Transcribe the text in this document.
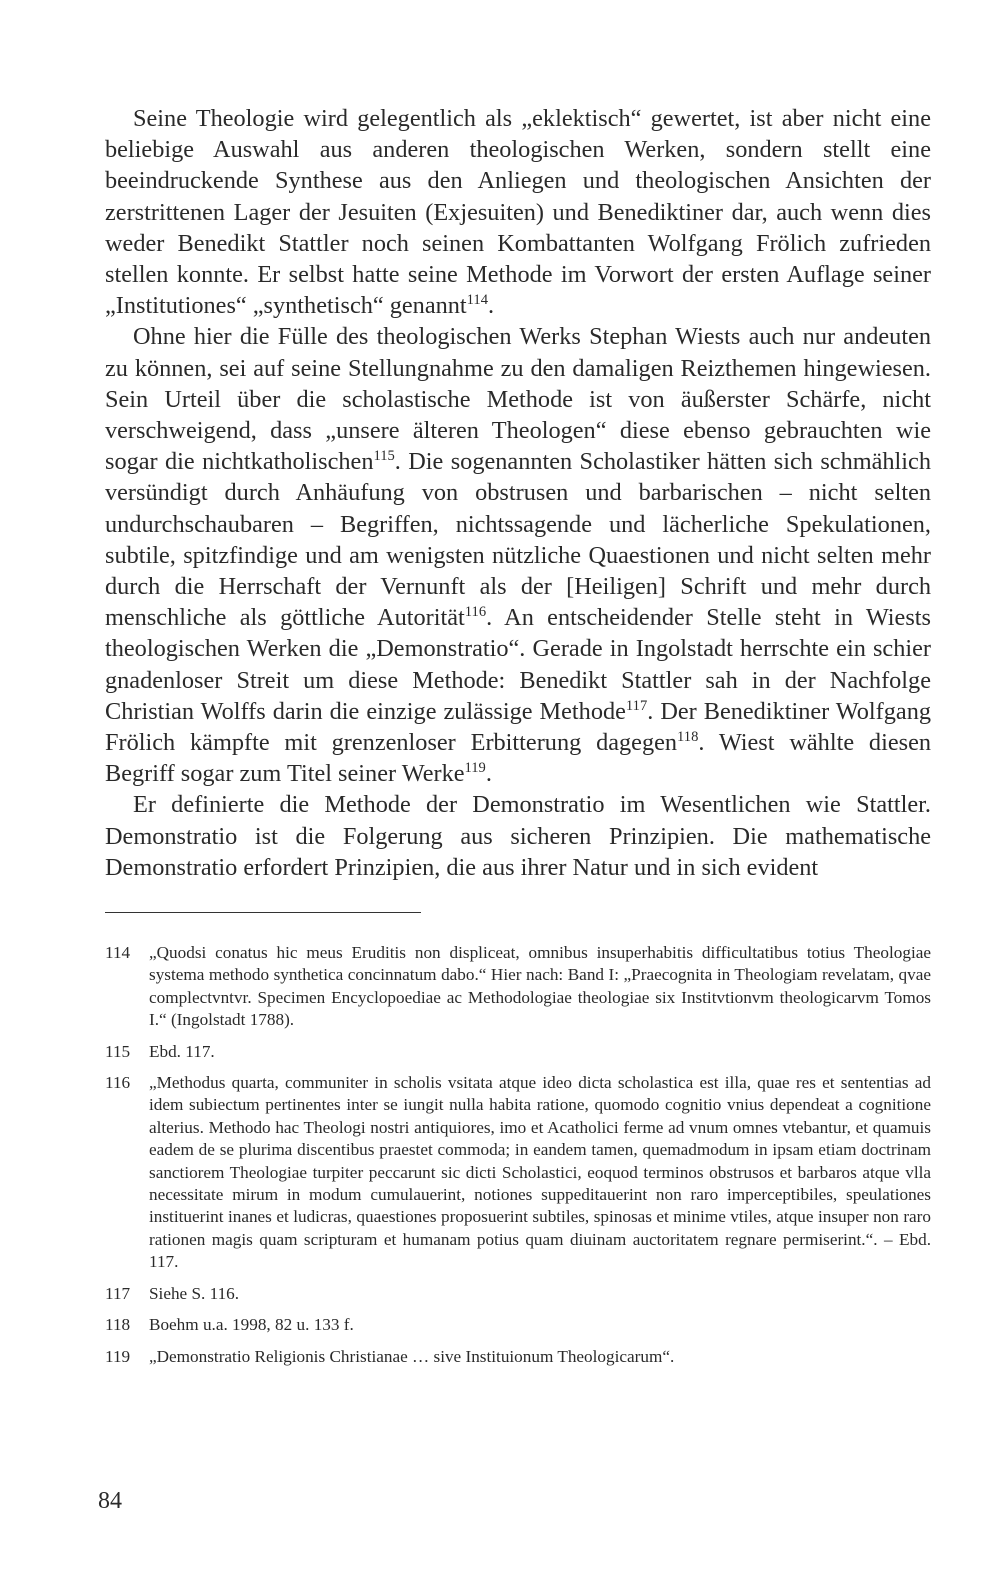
Seine Theologie wird gelegentlich als „eklektisch“ gewertet, ist aber nicht eine beliebige Auswahl aus anderen theologischen Werken, sondern stellt eine beeindruckende Synthese aus den Anliegen und theologischen Ansichten der zerstrittenen Lager der Jesuiten (Exjesuiten) und Benediktiner dar, auch wenn dies weder Benedikt Stattler noch seinen Kombattanten Wolfgang Frölich zufrieden stellen konnte. Er selbst hatte seine Methode im Vorwort der ersten Auflage seiner „Institutiones“ „synthetisch“ genannt$^{114}$.

Ohne hier die Fülle des theologischen Werks Stephan Wiests auch nur andeuten zu können, sei auf seine Stellungnahme zu den damaligen Reizthemen hingewiesen. Sein Urteil über die scholastische Methode ist von äußerster Schärfe, nicht verschweigend, dass „unsere älteren Theologen“ diese ebenso gebrauchten wie sogar die nichtkatholischen$^{115}$. Die sogenannten Scholastiker hätten sich schmählich versündigt durch Anhäufung von obstrusen und barbarischen – nicht selten undurchschaubaren – Begriffen, nichtssagende und lächerliche Spekulationen, subtile, spitzfindige und am wenigsten nützliche Quaestionen und nicht selten mehr durch die Herrschaft der Vernunft als der [Heiligen] Schrift und mehr durch menschliche als göttliche Autorität$^{116}$. An entscheidender Stelle steht in Wiests theologischen Werken die „Demonstratio“. Gerade in Ingolstadt herrschte ein schier gnadenloser Streit um diese Methode: Benedikt Stattler sah in der Nachfolge Christian Wolffs darin die einzige zulässige Methode$^{117}$. Der Benediktiner Wolfgang Frölich kämpfte mit grenzenloser Erbitterung dagegen$^{118}$. Wiest wählte diesen Begriff sogar zum Titel seiner Werke$^{119}$.

Er definierte die Methode der Demonstratio im Wesentlichen wie Stattler. Demonstratio ist die Folgerung aus sicheren Prinzipien. Die mathematische Demonstratio erfordert Prinzipien, die aus ihrer Natur und in sich evident

114 „Quodsi conatus hic meus Eruditis non displiceat, omnibus insuperhabitis difficultatibus totius Theologiae systema methodo synthetica concinnatum dabo.“ Hier nach: Band I: „Praecognita in Theologiam revelatam, qvae complectvntvr. Specimen Encyclopoediae ac Methodologiae theologiae six Institvtionvm theologicarvm Tomos I.“ (Ingolstadt 1788).
115 Ebd. 117.
116 „Methodus quarta, communiter in scholis vsitata atque ideo dicta scholastica est illa, quae res et sententias ad idem subiectum pertinentes inter se iungit nulla habita ratione, quomodo cognitio vnius dependeat a cognitione alterius. Methodo hac Theologi nostri antiquiores, imo et Acatholici ferme ad vnum omnes vtebantur, et quamuis eadem de se plurima discentibus praestet commoda; in eandem tamen, quemadmodum in ipsam etiam doctrinam sanctiorem Theologiae turpiter peccarunt sic dicti Scholastici, eoquod terminos obstrusos et barbaros atque vlla necessitate mirum in modum cumulauerint, notiones suppeditauerint non raro imperceptibiles, speulationes instituerint inanes et ludicras, quaestiones proposuerint subtiles, spinosas et minime vtiles, atque insuper non raro rationen magis quam scripturam et humanam potius quam diuinam auctoritatem regnare permiserint.“. – Ebd. 117.
117 Siehe S. 116.
118 Boehm u.a. 1998, 82 u. 133 f.
119 „Demonstratio Religionis Christianae … sive Instituionum Theologicarum“.
84
